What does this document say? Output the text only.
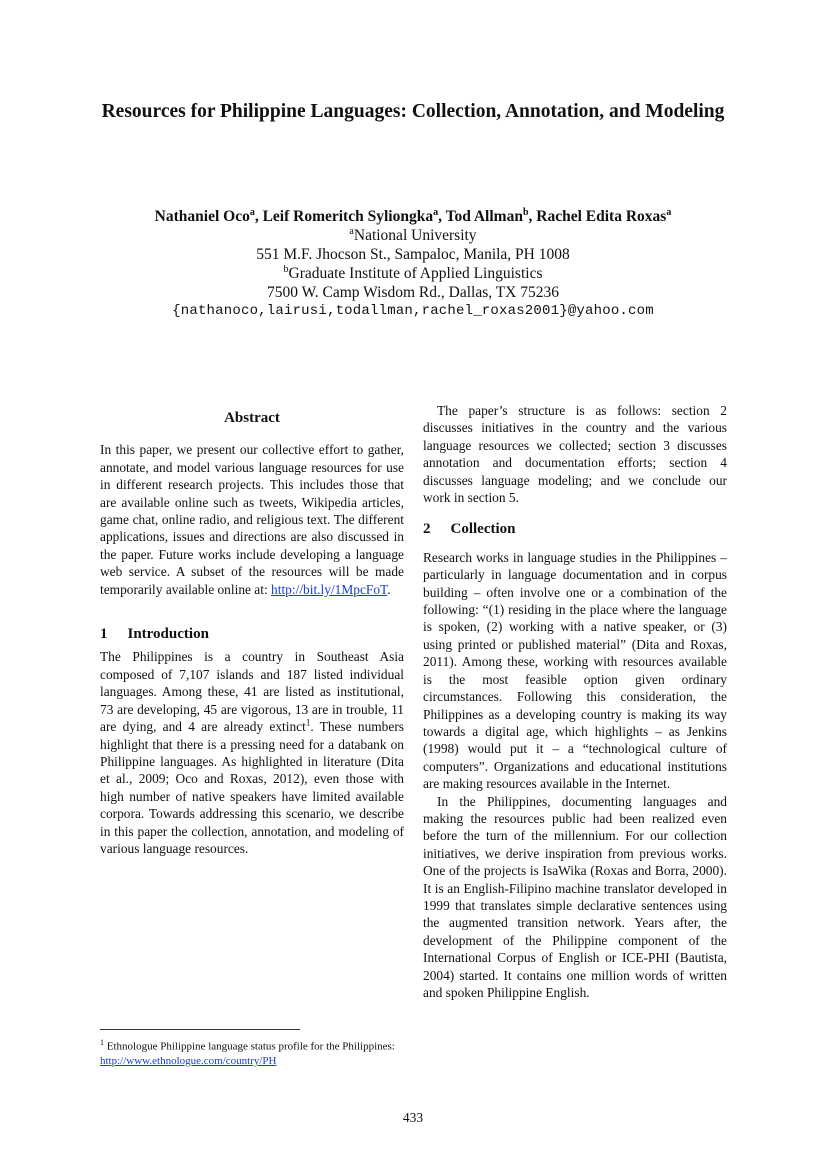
Resources for Philippine Languages: Collection, Annotation, and Modeling
Nathaniel Oco$^a$, Leif Romeritch Syliongka$^a$, Tod Allman$^b$, Rachel Edita Roxas$^a$
$^a$National University
551 M.F. Jhocson St., Sampaloc, Manila, PH 1008
$^b$Graduate Institute of Applied Linguistics
7500 W. Camp Wisdom Rd., Dallas, TX 75236
{nathanoco,lairusi,todallman,rachel_roxas2001}@yahoo.com
Abstract

In this paper, we present our collective effort to gather, annotate, and model various language resources for use in different research projects. This includes those that are available online such as tweets, Wikipedia articles, game chat, online radio, and religious text. The different applications, issues and directions are also discussed in the paper. Future works include developing a language web service. A subset of the resources will be made temporarily available online at: http://bit.ly/1MpcFoT.

1 Introduction

The Philippines is a country in Southeast Asia composed of 7,107 islands and 187 listed individual languages. Among these, 41 are listed as institutional, 73 are developing, 45 are vigorous, 13 are in trouble, 11 are dying, and 4 are already extinct$^1$. These numbers highlight that there is a pressing need for a databank on Philippine languages. As highlighted in literature (Dita et al., 2009; Oco and Roxas, 2012), even those with high number of native speakers have limited available corpora. Towards addressing this scenario, we describe in this paper the collection, annotation, and modeling of various language resources.

$^1$ Ethnologue Philippine language status profile for the Philippines: http://www.ethnologue.com/country/PH

The paper’s structure is as follows: section 2 discusses initiatives in the country and the various language resources we collected; section 3 discusses annotation and documentation efforts; section 4 discusses language modeling; and we conclude our work in section 5.

2 Collection

Research works in language studies in the Philippines – particularly in language documentation and in corpus building – often involve one or a combination of the following: “(1) residing in the place where the language is spoken, (2) working with a native speaker, or (3) using printed or published material” (Dita and Roxas, 2011). Among these, working with resources available is the most feasible option given ordinary circumstances. Following this consideration, the Philippines as a developing country is making its way towards a digital age, which highlights – as Jenkins (1998) would put it – a “technological culture of computers”. Organizations and educational institutions are making resources available in the Internet.

In the Philippines, documenting languages and making the resources public had been realized even before the turn of the millennium. For our collection initiatives, we derive inspiration from previous works. One of the projects is IsaWika (Roxas and Borra, 2000). It is an English-Filipino machine translator developed in 1999 that translates simple declarative sentences using the augmented transition network. Years after, the development of the Philippine component of the International Corpus of English or ICE-PHI (Bautista, 2004) started. It contains one million words of written and spoken Philippine English.

433
